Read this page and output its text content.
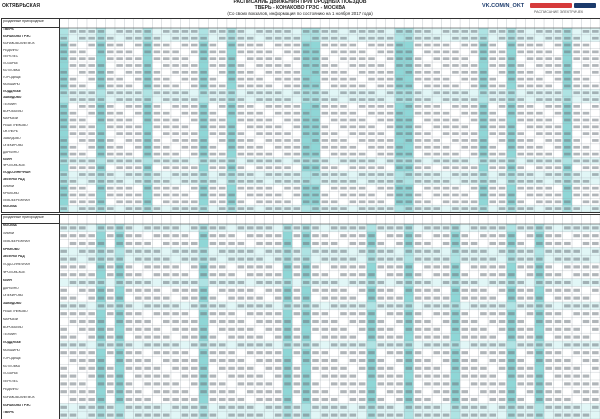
ОКТЯБРЬСКАЯ
РАСПИСАНИЕ ДВИЖЕНИЯ ПРИГОРОДНЫХ ПОЕЗДОВ
ТВЕРЬ - КОНАКОВО ГРЭС - МОСКВА
(Со своих вокзалов, информация по состоянию на 1 ноября 2017 года)
VK.COM/N_OKT
РАСПИСАНИЕ ЭЛЕКТРИЧЕК
розданные пригородные
ТВЕРЬ
КОНАКОВО ГРЭС
КОНАКОВСКИЙ МОХ
РЕДКИНО
ПЕРЕЛЕС
ПОЗАРЬЕ
КОТЛОВКА
ГОРОДИЩЕ
МОКШИНО
ПОДДУБЬЕ
ЗАВИДОВО
ТЕХМИН
ВОРОБЬЕВО
МАРКАЧИ
РЕШЕТНИКОВО
ОКТЯБРЬ
ЗАВИДОВО
ОПЕКИРОВО
ДАРЬИНО
КЛИН
ФРОЛОВСКОЕ
ПОДСОЛНЕЧНАЯ
ЗЕЛЕНОГРАД
ХИМКИ
КРЮКОВО
ЛЕВОБЕРЕЖНАЯ
МОСКВА
розданные пригородные
МОСКВА
ХИМКИ
ЛЕВОБЕРЕЖНАЯ
КРЮКОВО
ЗЕЛЕНОГРАД
ПОДСОЛНЕЧНАЯ
ФРОЛОВСКОЕ
КЛИН
ДАРЬИНО
ОПЕКИРОВО
ЗАВИДОВО
РЕШЕТНИКОВО
МАРКАЧИ
ВОРОБЬЕВО
ТЕХМИН
ПОДДУБЬЕ
МОКШИНО
ГОРОДИЩЕ
КОТЛОВКА
ПОЗАРЬЕ
ПЕРЕЛЕС
РЕДКИНО
КОНАКОВСКИЙ МОХ
КОНАКОВО ГРЭС
ТВЕРЬ
